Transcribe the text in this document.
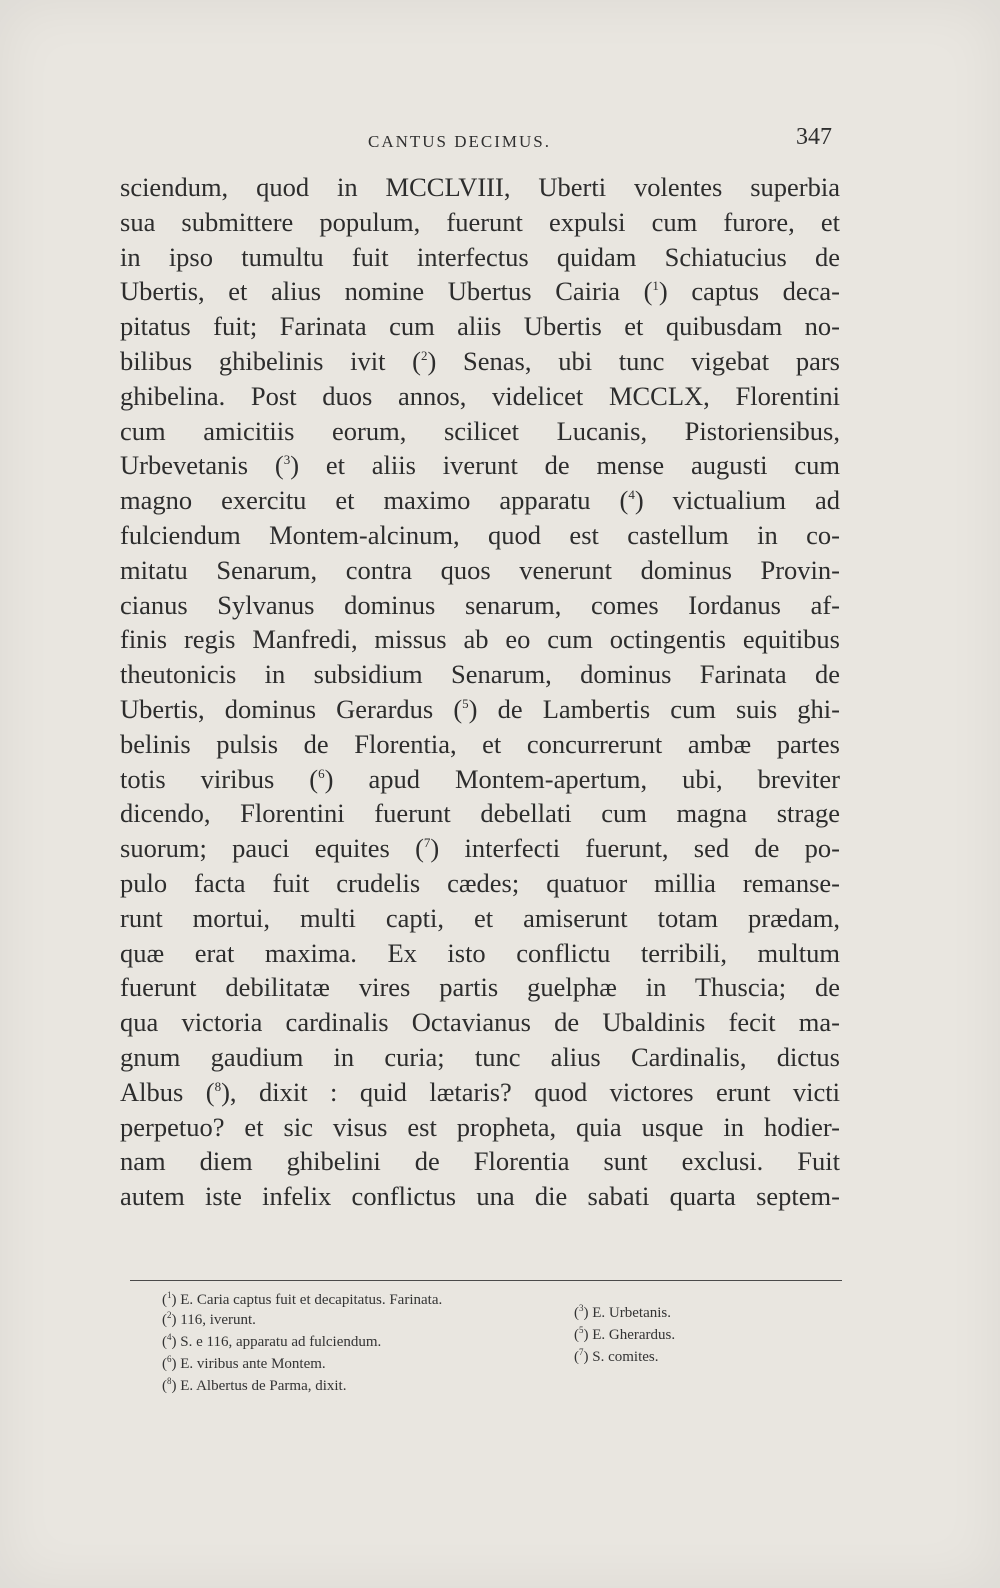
CANTUS DECIMUS.	347
sciendum, quod in MCCLVIII, Uberti volentes superbia
sua submittere populum, fuerunt expulsi cum furore, et
in ipso tumultu fuit interfectus quidam Schiatucius de
Ubertis, et alius nomine Ubertus Cairia ($^1$) captus deca-
pitatus fuit; Farinata cum aliis Ubertis et quibusdam no-
bilibus ghibelinis ivit ($^2$) Senas, ubi tunc vigebat pars
ghibelina. Post duos annos, videlicet MCCLX, Florentini
cum amicitiis eorum, scilicet Lucanis, Pistoriensibus,
Urbevetanis ($^3$) et aliis iverunt de mense augusti cum
magno exercitu et maximo apparatu ($^4$) victualium ad
fulciendum Montem-alcinum, quod est castellum in co-
mitatu Senarum, contra quos venerunt dominus Provin-
cianus Sylvanus dominus senarum, comes Iordanus af-
finis regis Manfredi, missus ab eo cum octingentis equitibus
theutonicis in subsidium Senarum, dominus Farinata de
Ubertis, dominus Gerardus ($^5$) de Lambertis cum suis ghi-
belinis pulsis de Florentia, et concurrerunt ambæ partes
totis viribus ($^6$) apud Montem-apertum, ubi, breviter
dicendo, Florentini fuerunt debellati cum magna strage
suorum; pauci equites ($^7$) interfecti fuerunt, sed de po-
pulo facta fuit crudelis cædes; quatuor millia remanse-
runt mortui, multi capti, et amiserunt totam prædam,
quæ erat maxima. Ex isto conflictu terribili, multum
fuerunt debilitatæ vires partis guelphæ in Thuscia; de
qua victoria cardinalis Octavianus de Ubaldinis fecit ma-
gnum gaudium in curia; tunc alius Cardinalis, dictus
Albus ($^8$), dixit : quid lætaris? quod victores erunt victi
perpetuo? et sic visus est propheta, quia usque in hodier-
nam diem ghibelini de Florentia sunt exclusi. Fuit
autem iste infelix conflictus una die sabati quarta septem-
($^1$) E. Caria captus fuit et decapitatus. Farinata.
($^2$) 116, iverunt.	($^3$) E. Urbetanis.
($^4$) S. e 116, apparatu ad fulciendum.	($^5$) E. Gherardus.
($^6$) E. viribus ante Montem.	($^7$) S. comites.
($^8$) E. Albertus de Parma, dixit.
